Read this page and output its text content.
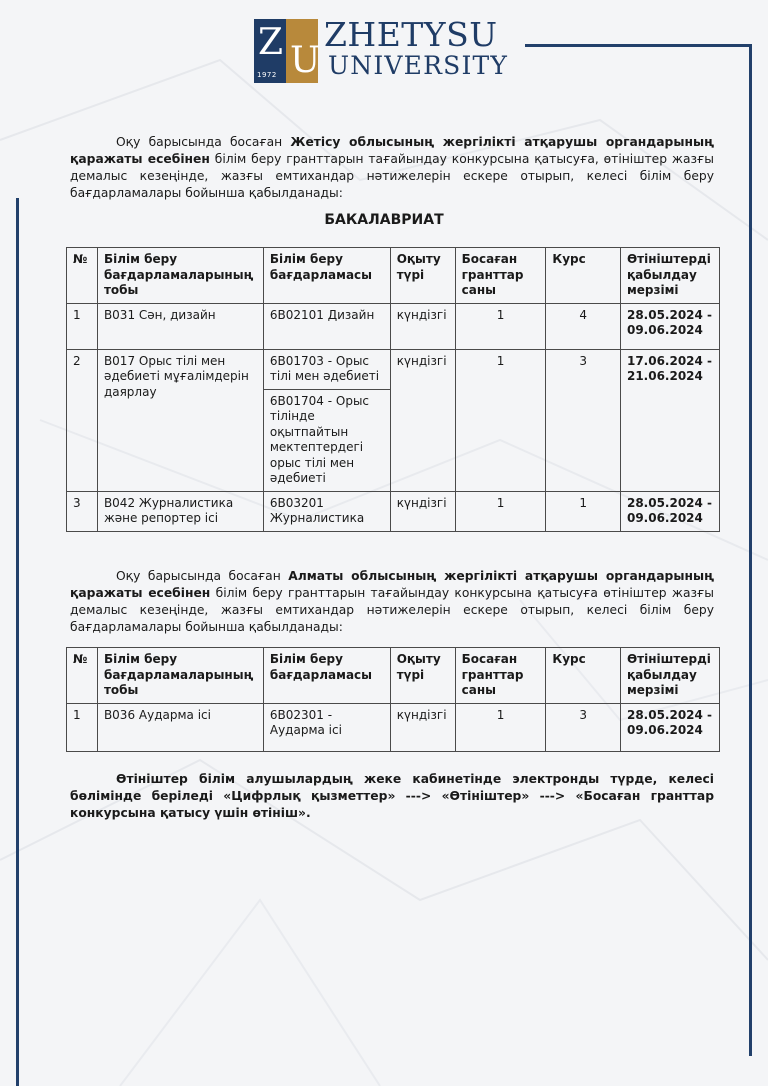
Z U
1972
ZHETYSU
UNIVERSITY
Оқу барысында босаған Жетісу облысының жергілікті атқарушы органдарының қаражаты есебінен білім беру гранттарын тағайындау конкурсына қатысуға, өтініштер жазғы демалыс кезеңінде, жазғы емтихандар нәтижелерін ескере отырып, келесі білім беру бағдарламалары бойынша қабылданады:
БАКАЛАВРИАТ
№	Білім беру бағдарламаларының тобы	Білім беру бағдарламасы	Оқыту түрі	Босаған гранттар саны	Курс	Өтініштерді қабылдау мерзімі
1	В031 Сән, дизайн	6В02101 Дизайн	күндізгі	1	4	28.05.2024 - 09.06.2024
2	В017 Орыс тілі мен әдебиеті мұғалімдерін даярлау	6В01703 - Орыс тілі мен әдебиеті	күндізгі	1	3	17.06.2024 - 21.06.2024
		6В01704 - Орыс тілінде оқытпайтын мектептердегі орыс тілі мен әдебиеті				
3	В042 Журналистика және репортер ісі	6В03201 Журналистика	күндізгі	1	1	28.05.2024 - 09.06.2024
Оқу барысында босаған Алматы облысының жергілікті атқарушы органдарының қаражаты есебінен білім беру гранттарын тағайындау конкурсына қатысуға өтініштер жазғы демалыс кезеңінде, жазғы емтихандар нәтижелерін ескере отырып, келесі білім беру бағдарламалары бойынша қабылданады:
№	Білім беру бағдарламаларының тобы	Білім беру бағдарламасы	Оқыту түрі	Босаған гранттар саны	Курс	Өтініштерді қабылдау мерзімі
1	В036 Аударма ісі	6В02301 - Аударма ісі	күндізгі	1	3	28.05.2024 - 09.06.2024
Өтініштер білім алушылардың жеке кабинетінде электронды түрде, келесі бөлімінде беріледі «Цифрлық қызметтер» ---> «Өтініштер» ---> «Босаған гранттар конкурсына қатысу үшін өтініш».
